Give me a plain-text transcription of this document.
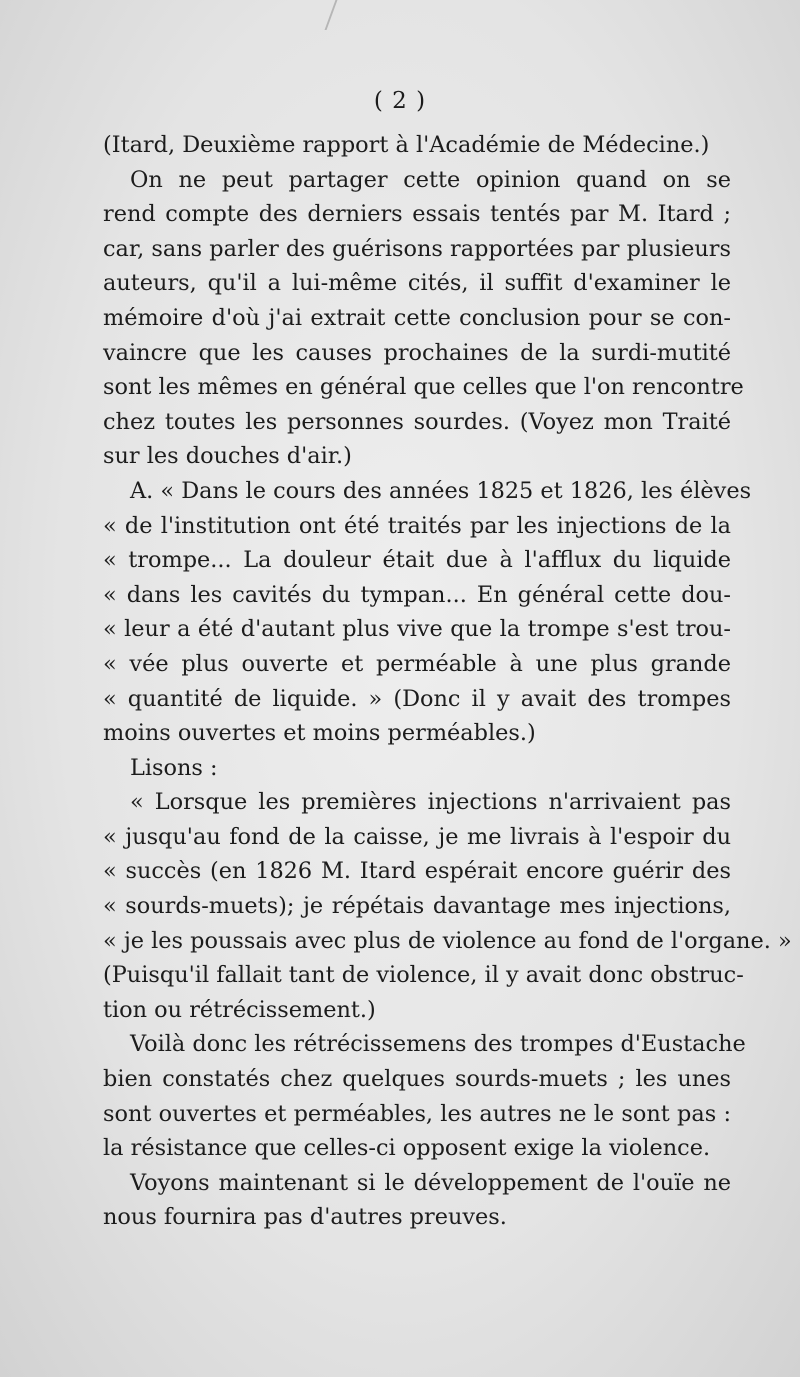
( 2 )
(Itard, Deuxième rapport à l'Académie de Médecine.)
On ne peut partager cette opinion quand on se
rend compte des derniers essais tentés par M. Itard ;
car, sans parler des guérisons rapportées par plusieurs
auteurs, qu'il a lui-même cités, il suffit d'examiner le
mémoire d'où j'ai extrait cette conclusion pour se con-
vaincre que les causes prochaines de la surdi-mutité
sont les mêmes en général que celles que l'on rencontre
chez toutes les personnes sourdes. (Voyez mon Traité
sur les douches d'air.)
A. « Dans le cours des années 1825 et 1826, les élèves
« de l'institution ont été traités par les injections de la
« trompe... La douleur était due à l'afflux du liquide
« dans les cavités du tympan... En général cette dou-
« leur a été d'autant plus vive que la trompe s'est trou-
« vée plus ouverte et perméable à une plus grande
« quantité de liquide. » (Donc il y avait des trompes
moins ouvertes et moins perméables.)
Lisons :
« Lorsque les premières injections n'arrivaient pas
« jusqu'au fond de la caisse, je me livrais à l'espoir du
« succès (en 1826 M. Itard espérait encore guérir des
« sourds-muets); je répétais davantage mes injections,
« je les poussais avec plus de violence au fond de l'organe. »
(Puisqu'il fallait tant de violence, il y avait donc obstruc-
tion ou rétrécissement.)
Voilà donc les rétrécissemens des trompes d'Eustache
bien constatés chez quelques sourds-muets ; les unes
sont ouvertes et perméables, les autres ne le sont pas :
la résistance que celles-ci opposent exige la violence.
Voyons maintenant si le développement de l'ouïe ne
nous fournira pas d'autres preuves.
